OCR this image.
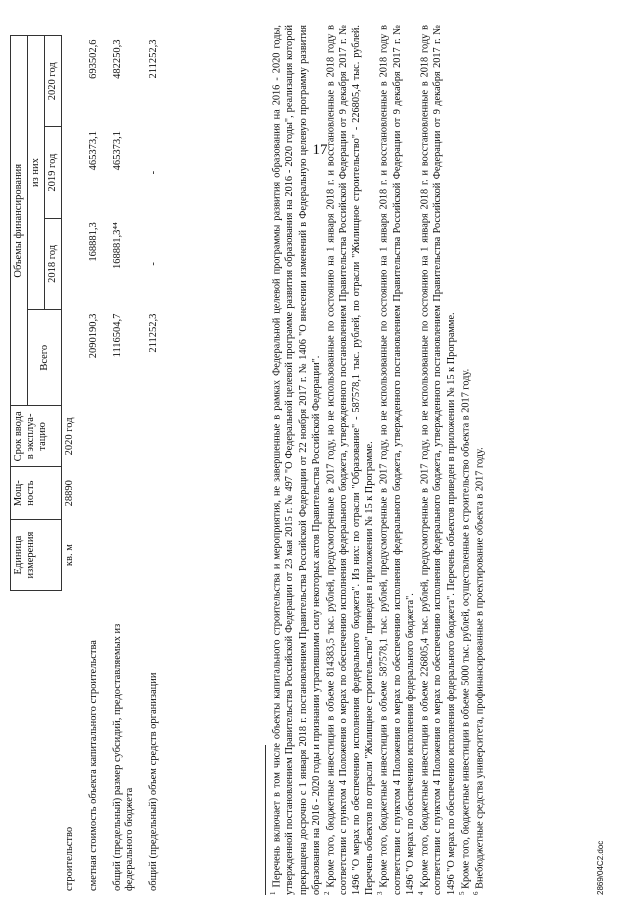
17
	Единица измерения	Мощ-ность	Срок ввода в эксплуа-тацию	Объемы финансирования			
				Всего	из них		
					2018 год	2019 год	2020 год
строительство	кв. м	28890	2020 год				
сметная стоимость объекта капитального строительства				2090190,3	168881,3	465373,1	693502,6
общий (предельный) размер субсидий, предоставляемых из федерального бюджета				1116504,7	168881,3⁴⁴	465373,1	482250,3
общий (предельный) объем средств организации				211252,3	-	-	211252,3

$^1$ Перечень включает в том числе объекты капитального строительства и мероприятия, не завершенные в рамках Федеральной целевой программы развития образования на 2016 - 2020 годы, утвержденной постановлением Правительства Российской Федерации от 23 мая 2015 г. № 497 "О Федеральной целевой программе развития образования на 2016 - 2020 годы", реализация которой прекращена досрочно с 1 января 2018 г. постановлением Правительства Российской Федерации от 22 ноября 2017 г. № 1406 "О внесении изменений в Федеральную целевую программу развития образования на 2016 - 2020 годы и признании утратившими силу некоторых актов Правительства Российской Федерации". $^2$ Кроме того, бюджетные инвестиции в объеме 814383,5 тыс. рублей, предусмотренные в 2017 году, но не использованные по состоянию на 1 января 2018 г. и восстановленные в 2018 году в соответствии с пунктом 4 Положения о мерах по обеспечению исполнения федерального бюджета, утвержденного постановлением Правительства Российской Федерации от 9 декабря 2017 г. № 1496 "О мерах по обеспечению исполнения федерального бюджета". Из них: по отрасли "Образование" - 587578,1 тыс. рублей, по отрасли "Жилищное строительство" - 226805,4 тыс. рублей. Перечень объектов по отрасли "Жилищное строительство" приведен в приложении № 15 к Программе. $^3$ Кроме того, бюджетные инвестиции в объеме 587578,1 тыс. рублей, предусмотренные в 2017 году, но не использованные по состоянию на 1 января 2018 г. и восстановленные в 2018 году в соответствии с пунктом 4 Положения о мерах по обеспечению исполнения федерального бюджета, утвержденного постановлением Правительства Российской Федерации от 9 декабря 2017 г. № 1496 "О мерах по обеспечению исполнения федерального бюджета". $^4$ Кроме того, бюджетные инвестиции в объеме 226805,4 тыс. рублей, предусмотренные в 2017 году, но не использованные по состоянию на 1 января 2018 г. и восстановленные в 2018 году в соответствии с пунктом 4 Положения о мерах по обеспечению исполнения федерального бюджета, утвержденного постановлением Правительства Российской Федерации от 9 декабря 2017 г. № 1496 "О мерах по обеспечению исполнения федерального бюджета". Перечень объектов приведен в приложении № 15 к Программе. $^5$ Кроме того, бюджетные инвестиции в объеме 5000 тыс. рублей, осуществленные в строительство объекта в 2017 году.

$^6$ Внебюджетные средства университета, профинансированные в проектирование объекта в 2017 году.	2869/04C2.doc
